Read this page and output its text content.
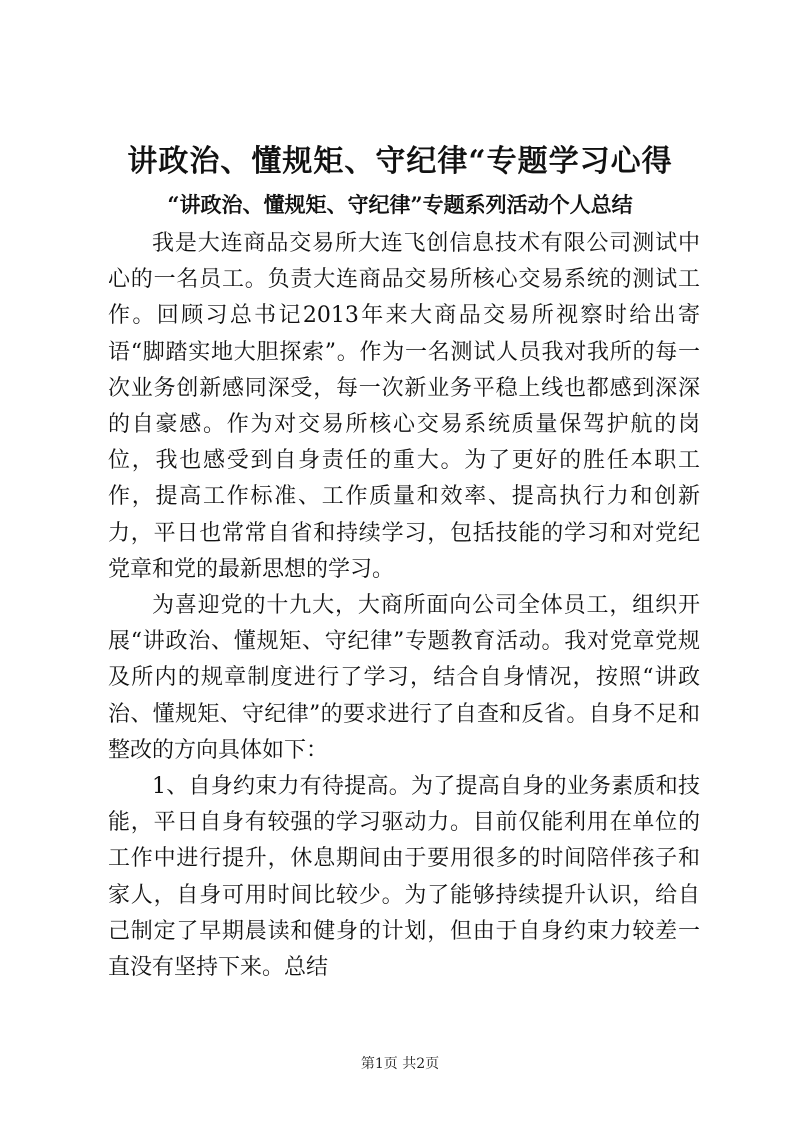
讲政治、懂规矩、守纪律“专题学习心得
“讲政治、懂规矩、守纪律”专题系列活动个人总结

我是大连商品交易所大连飞创信息技术有限公司测试中心的一名员工。负责大连商品交易所核心交易系统的测试工作。回顾习总书记2013年来大商品交易所视察时给出寄语“脚踏实地大胆探索”。作为一名测试人员我对我所的每一次业务创新感同深受，每一次新业务平稳上线也都感到深深的自豪感。作为对交易所核心交易系统质量保驾护航的岗位，我也感受到自身责任的重大。为了更好的胜任本职工作，提高工作标准、工作质量和效率、提高执行力和创新力，平日也常常自省和持续学习，包括技能的学习和对党纪党章和党的最新思想的学习。

为喜迎党的十九大，大商所面向公司全体员工，组织开展“讲政治、懂规矩、守纪律”专题教育活动。我对党章党规及所内的规章制度进行了学习，结合自身情况，按照“讲政治、懂规矩、守纪律”的要求进行了自查和反省。自身不足和整改的方向具体如下：

1、自身约束力有待提高。为了提高自身的业务素质和技能，平日自身有较强的学习驱动力。目前仅能利用在单位的工作中进行提升，休息期间由于要用很多的时间陪伴孩子和家人，自身可用时间比较少。为了能够持续提升认识，给自己制定了早期晨读和健身的计划，但由于自身约束力较差一直没有坚持下来。总结

第1页 共2页
